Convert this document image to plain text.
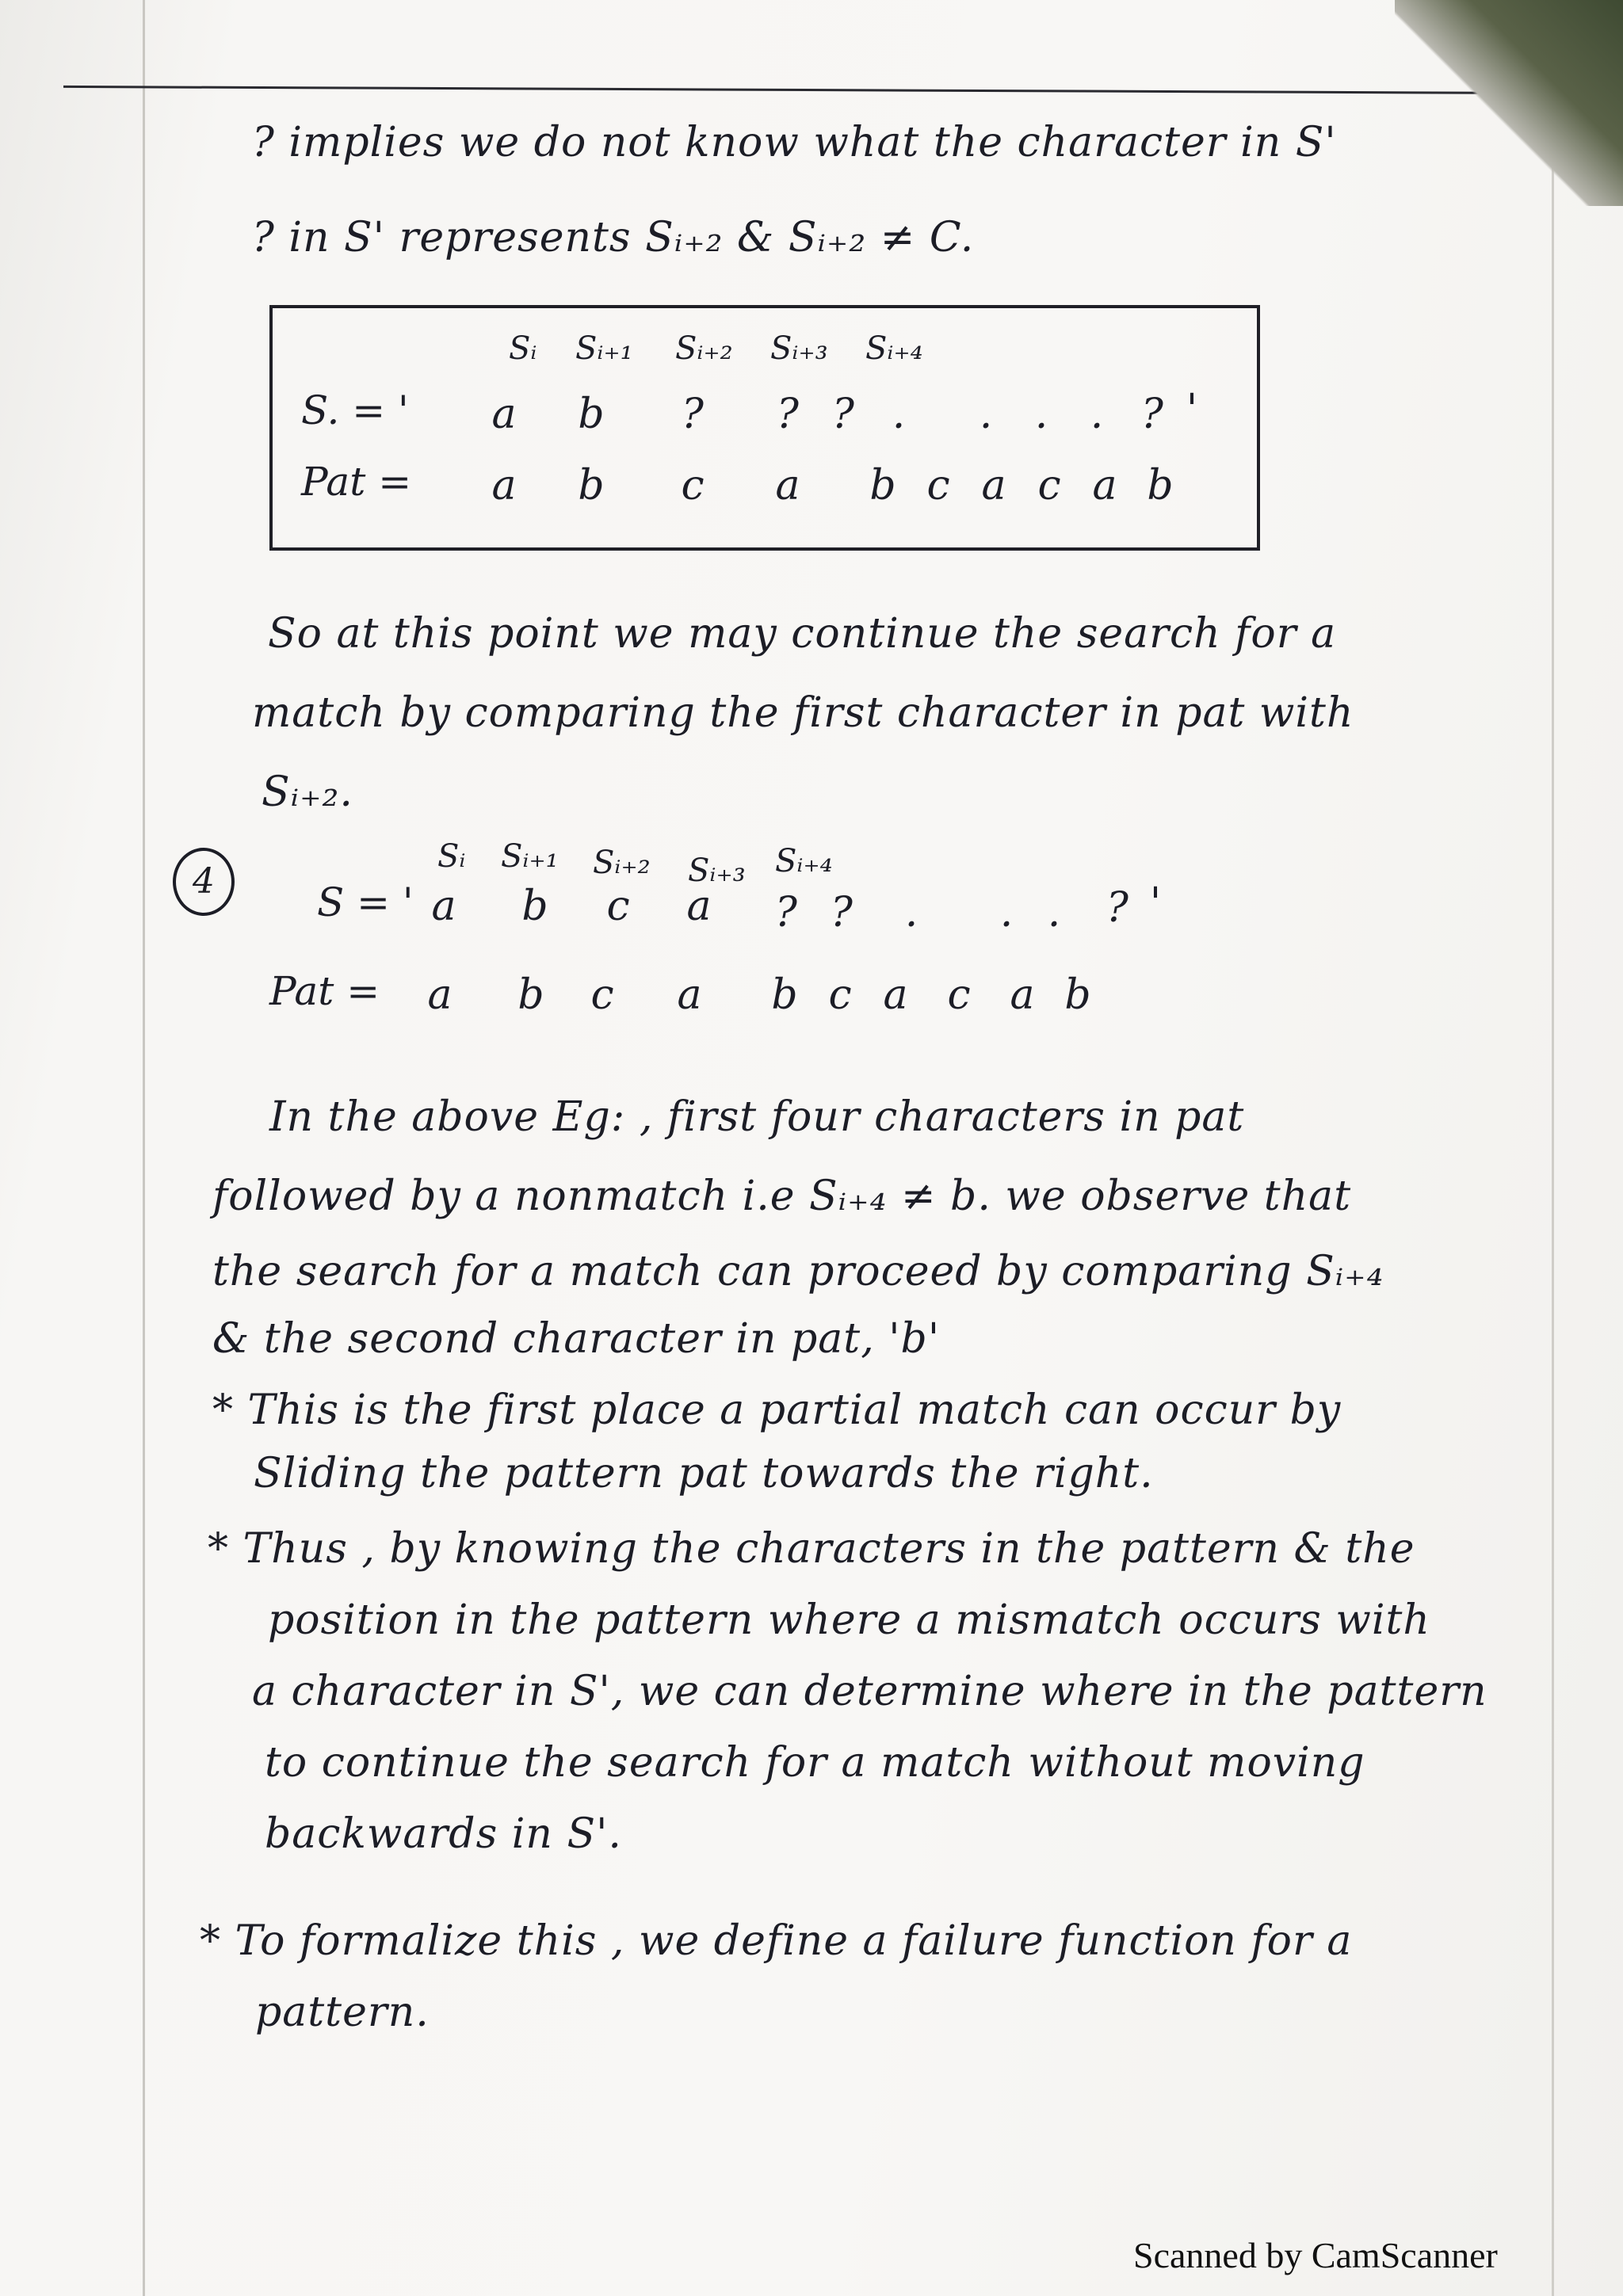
? implies we do not know what the character in S'
? in S' represents Sᵢ₊₂ & Sᵢ₊₂ ≠ C.
Sᵢ Sᵢ₊₁ Sᵢ₊₂ Sᵢ₊₃ Sᵢ₊₄
S. = ' a b	?	? ? .	.	.	. ? '
Pat = a b c a b c a c a b
So at this point we may continue the search for a
match by comparing the first character in pat with
Sᵢ₊₂.
4
Sᵢ Sᵢ₊₁ Sᵢ₊₂ Sᵢ₊₃ Sᵢ₊₄
S = ' a b c a	? ?	.	. .	? '
Pat = a b c a b c a c a b
In the above Eg: , first four characters in pat
followed by a nonmatch i.e Sᵢ₊₄ ≠ b. we observe that
the search for a match can proceed by comparing Sᵢ₊₄
& the second character in pat, 'b'
* This is the first place a partial match can occur by
Sliding the pattern pat towards the right.
* Thus , by knowing the characters in the pattern & the
position in the pattern where a mismatch occurs with
a character in S', we can determine where in the pattern
to continue the search for a match without moving
backwards in S'.
* To formalize this , we define a failure function for a
pattern.
Scanned by CamScanner
